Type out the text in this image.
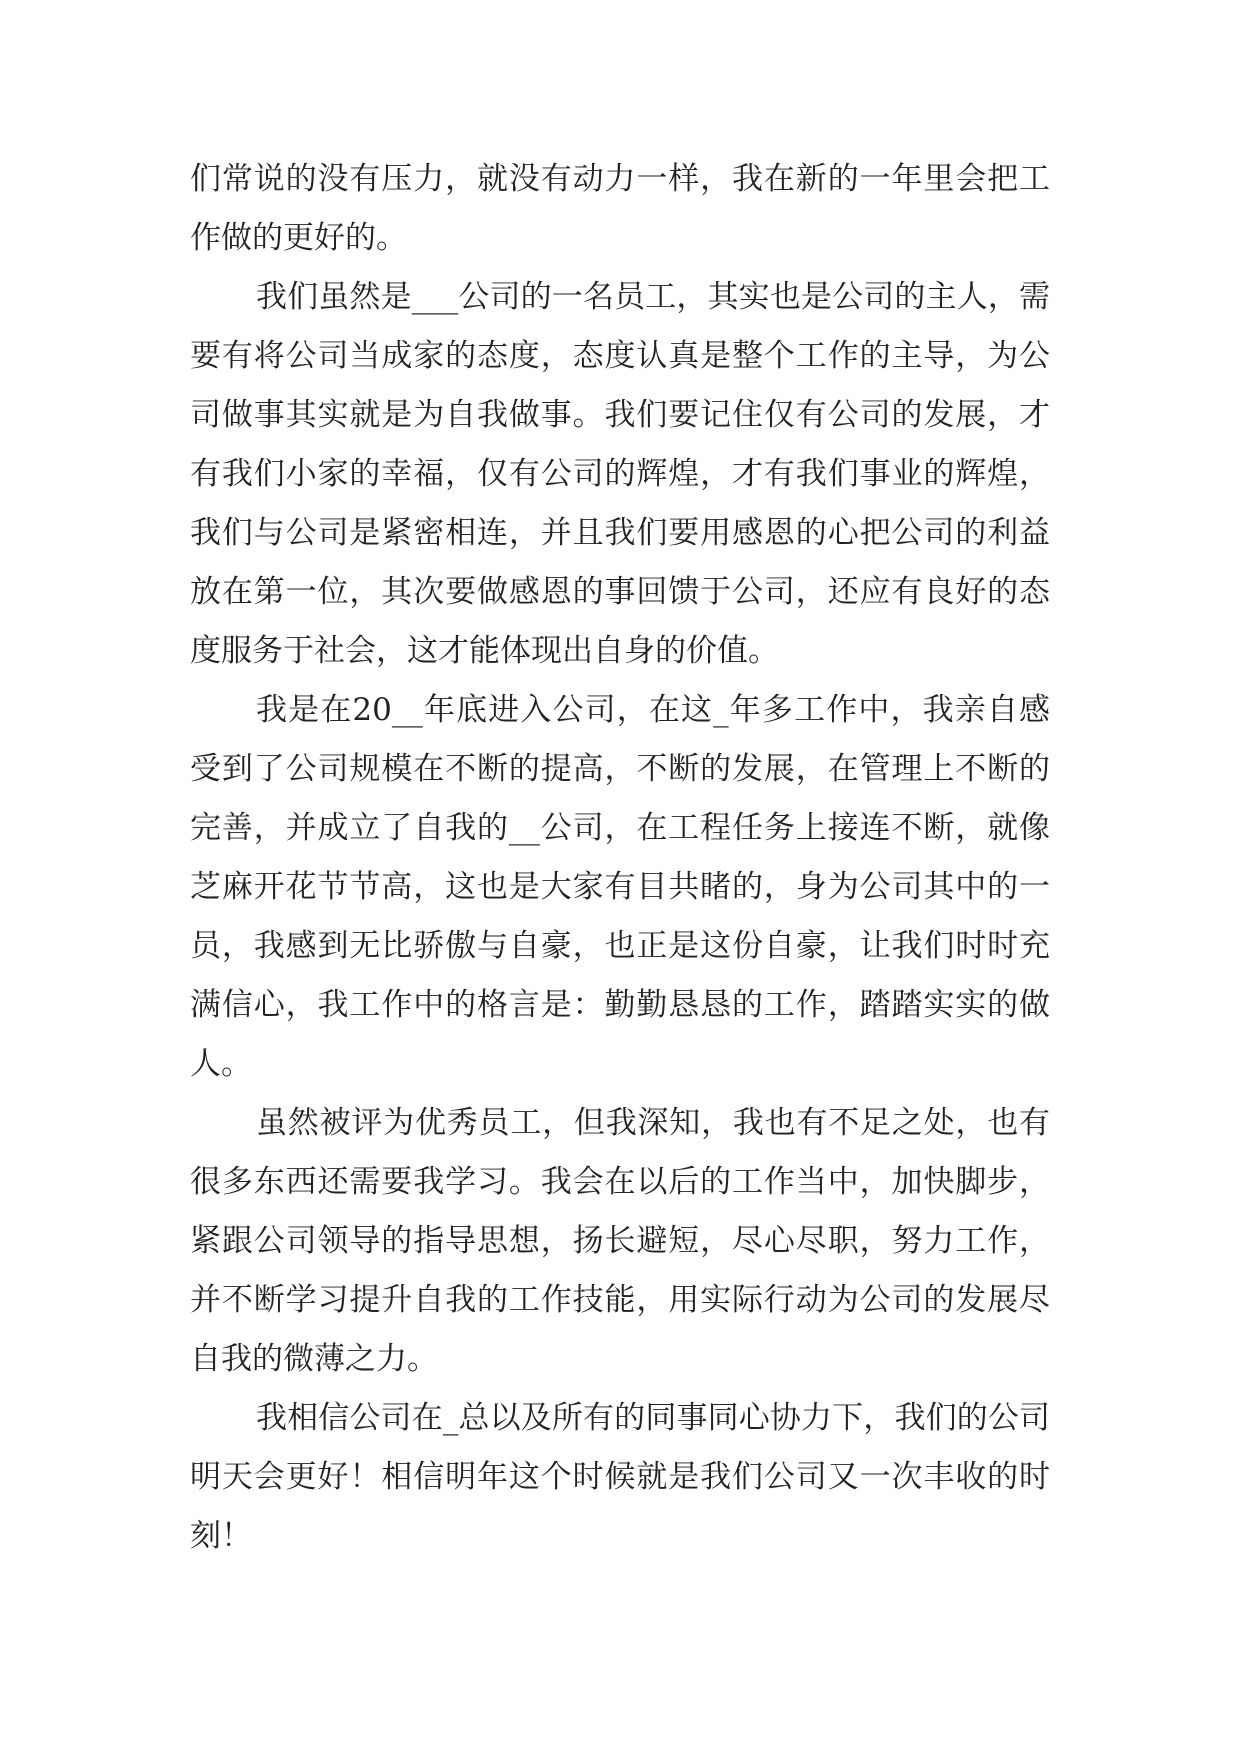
们常说的没有压力，就没有动力一样，我在新的一年里会把工作做的更好的。

我们虽然是___公司的一名员工，其实也是公司的主人，需要有将公司当成家的态度，态度认真是整个工作的主导，为公司做事其实就是为自我做事。我们要记住仅有公司的发展，才有我们小家的幸福，仅有公司的辉煌，才有我们事业的辉煌，我们与公司是紧密相连，并且我们要用感恩的心把公司的利益放在第一位，其次要做感恩的事回馈于公司，还应有良好的态度服务于社会，这才能体现出自身的价值。

我是在20__年底进入公司，在这_年多工作中，我亲自感受到了公司规模在不断的提高，不断的发展，在管理上不断的完善，并成立了自我的__公司，在工程任务上接连不断，就像芝麻开花节节高，这也是大家有目共睹的，身为公司其中的一员，我感到无比骄傲与自豪，也正是这份自豪，让我们时时充满信心，我工作中的格言是：勤勤恳恳的工作，踏踏实实的做人。

虽然被评为优秀员工，但我深知，我也有不足之处，也有很多东西还需要我学习。我会在以后的工作当中，加快脚步，紧跟公司领导的指导思想，扬长避短，尽心尽职，努力工作，并不断学习提升自我的工作技能，用实际行动为公司的发展尽自我的微薄之力。

我相信公司在_总以及所有的同事同心协力下，我们的公司明天会更好！相信明年这个时候就是我们公司又一次丰收的时刻！
